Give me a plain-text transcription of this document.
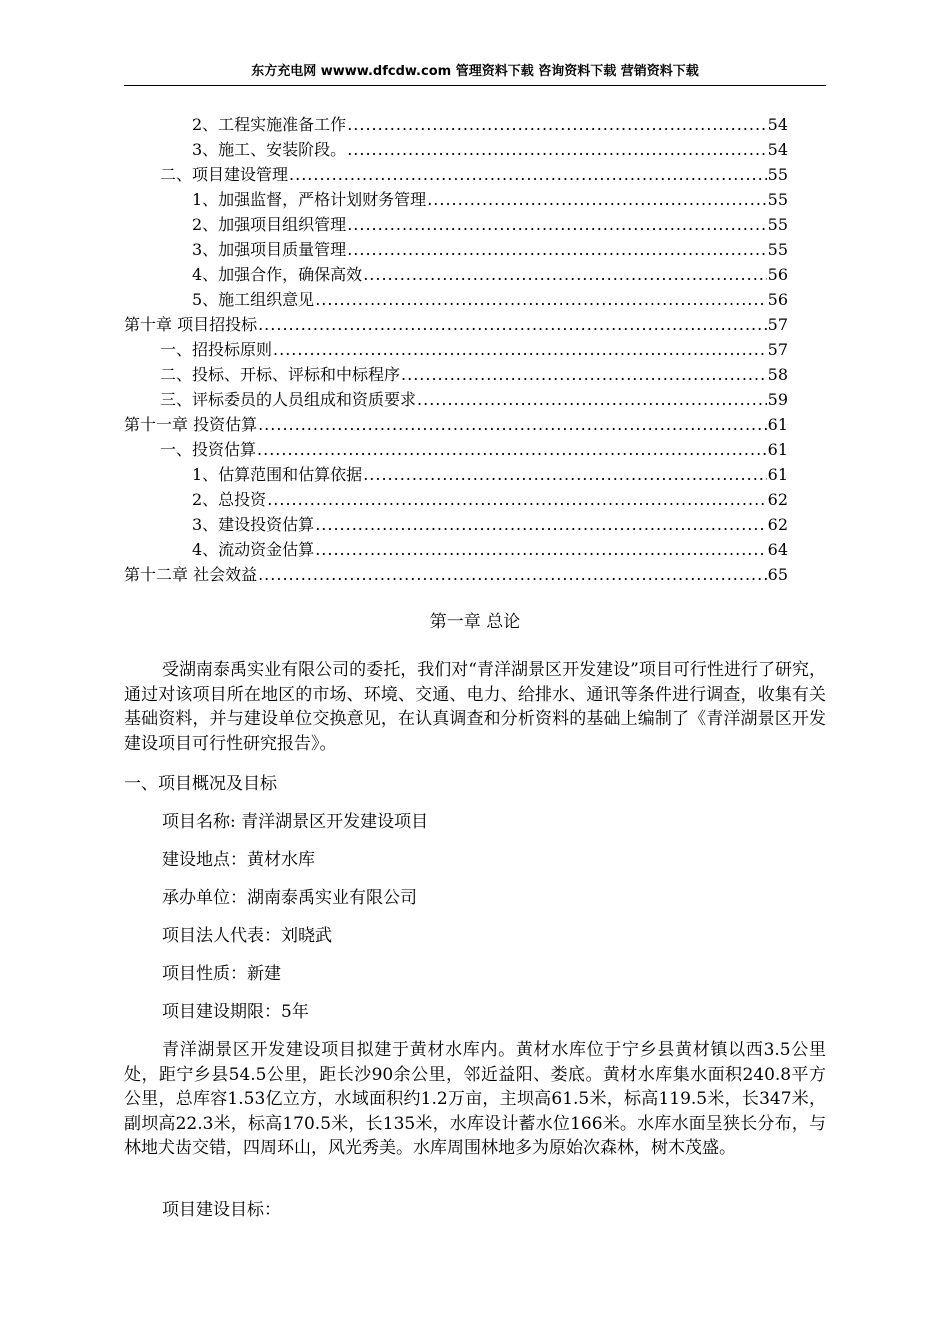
东方充电网 wwww.dfcdw.com 管理资料下载 咨询资料下载 营销资料下载
2、工程实施准备工作 .....	54
3、施工、安装阶段。 .....	54
二、项目建设管理 .....	55
1、加强监督，严格计划财务管理 .....	55
2、加强项目组织管理 .....	55
3、加强项目质量管理 .....	55
4、加强合作，确保高效 .....	56
5、施工组织意见 .....	56
第十章 项目招投标 .....	57
一、招投标原则 .....	57
二、投标、开标、评标和中标程序 .....	58
三、评标委员的人员组成和资质要求 .....	59
第十一章 投资估算 .....	61
一、投资估算 .....	61
1、估算范围和估算依据 .....	61
2、总投资 .....	62
3、建设投资估算 .....	62
4、流动资金估算 .....	64
第十二章 社会效益 .....	65
第一章 总论
受湖南泰禹实业有限公司的委托，我们对“青洋湖景区开发建设”项目可行性进行了研究，通过对该项目所在地区的市场、环境、交通、电力、给排水、通讯等条件进行调查，收集有关基础资料，并与建设单位交换意见，在认真调查和分析资料的基础上编制了《青洋湖景区开发建设项目可行性研究报告》。
一、项目概况及目标
项目名称: 青洋湖景区开发建设项目
建设地点：黄材水库
承办单位：湖南泰禹实业有限公司
项目法人代表：刘晓武
项目性质：新建
项目建设期限：5年
青洋湖景区开发建设项目拟建于黄材水库内。黄材水库位于宁乡县黄材镇以西3.5公里处，距宁乡县54.5公里，距长沙90余公里，邻近益阳、娄底。黄材水库集水面积240.8平方公里，总库容1.53亿立方，水域面积约1.2万亩，主坝高61.5米，标高119.5米，长347米，副坝高22.3米，标高170.5米，长135米，水库设计蓄水位166米。水库水面呈狭长分布，与林地犬齿交错，四周环山，风光秀美。水库周围林地多为原始次森林，树木茂盛。
项目建设目标：
